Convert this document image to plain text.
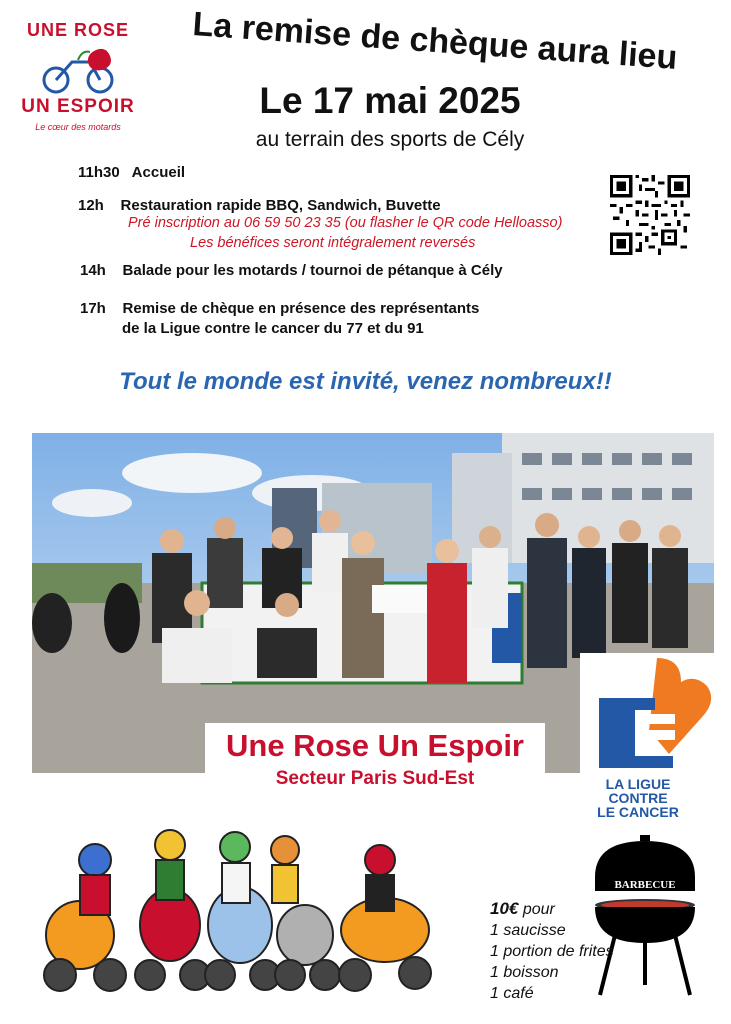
UNE ROSE
UN ESPOIR
Le cœur des motards
La remise de chèque aura lieu
Le 17 mai 2025
au terrain des sports de Cély
11h30 Accueil
12h Restauration rapide BBQ, Sandwich, Buvette
Pré inscription au 06 59 50 23 35 (ou flasher le QR code Helloasso)
Les bénéfices seront intégralement reversés
14h Balade pour les motards / tournoi de pétanque à Cély
17h Remise de chèque en présence des représentants
de la Ligue contre le cancer du 77 et du 91
Tout le monde est invité, venez nombreux!!
Une Rose Un Espoir
Secteur Paris Sud-Est	LA LIGUE
CONTRE
LE CANCER
BARBECUE
10€ pour
1 saucisse
1 portion de frites
1 boisson
1 café
